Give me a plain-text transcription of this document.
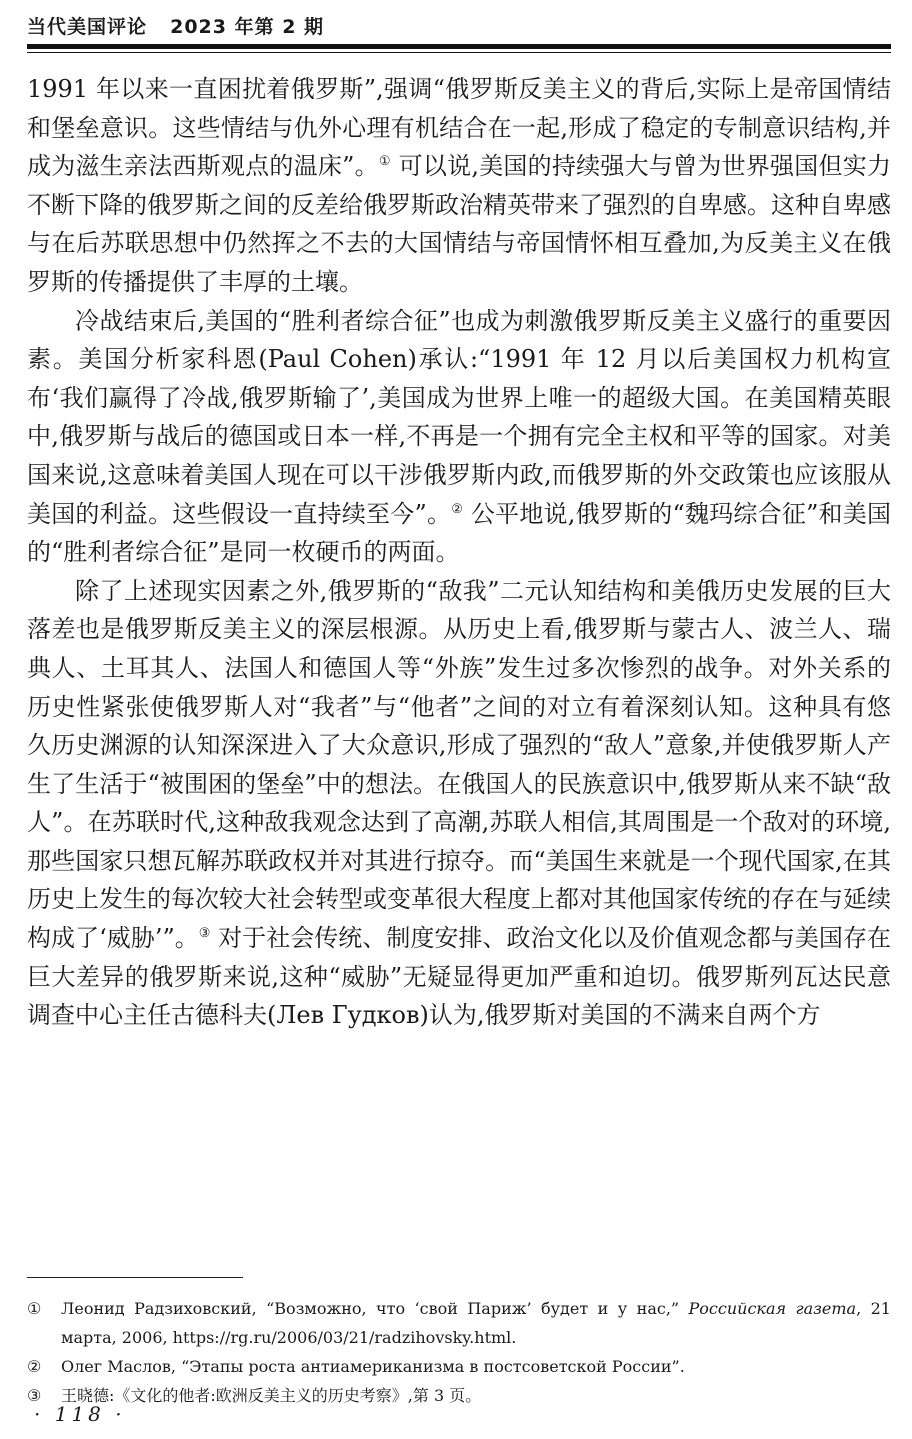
当代美国评论 2023 年第 2 期

1991 年以来一直困扰着俄罗斯”,强调“俄罗斯反美主义的背后,实际上是帝国情结和堡垒意识。这些情结与仇外心理有机结合在一起,形成了稳定的专制意识结构,并成为滋生亲法西斯观点的温床”。① 可以说,美国的持续强大与曾为世界强国但实力不断下降的俄罗斯之间的反差给俄罗斯政治精英带来了强烈的自卑感。这种自卑感与在后苏联思想中仍然挥之不去的大国情结与帝国情怀相互叠加,为反美主义在俄罗斯的传播提供了丰厚的土壤。

冷战结束后,美国的“胜利者综合征”也成为刺激俄罗斯反美主义盛行的重要因素。美国分析家科恩(Paul Cohen)承认:“1991 年 12 月以后美国权力机构宣布‘我们赢得了冷战,俄罗斯输了’,美国成为世界上唯一的超级大国。在美国精英眼中,俄罗斯与战后的德国或日本一样,不再是一个拥有完全主权和平等的国家。对美国来说,这意味着美国人现在可以干涉俄罗斯内政,而俄罗斯的外交政策也应该服从美国的利益。这些假设一直持续至今”。② 公平地说,俄罗斯的“魏玛综合征”和美国的“胜利者综合征”是同一枚硬币的两面。

除了上述现实因素之外,俄罗斯的“敌我”二元认知结构和美俄历史发展的巨大落差也是俄罗斯反美主义的深层根源。从历史上看,俄罗斯与蒙古人、波兰人、瑞典人、土耳其人、法国人和德国人等“外族”发生过多次惨烈的战争。对外关系的历史性紧张使俄罗斯人对“我者”与“他者”之间的对立有着深刻认知。这种具有悠久历史渊源的认知深深进入了大众意识,形成了强烈的“敌人”意象,并使俄罗斯人产生了生活于“被围困的堡垒”中的想法。在俄国人的民族意识中,俄罗斯从来不缺“敌人”。在苏联时代,这种敌我观念达到了高潮,苏联人相信,其周围是一个敌对的环境,那些国家只想瓦解苏联政权并对其进行掠夺。而“美国生来就是一个现代国家,在其历史上发生的每次较大社会转型或变革很大程度上都对其他国家传统的存在与延续构成了‘威胁’”。③ 对于社会传统、制度安排、政治文化以及价值观念都与美国存在巨大差异的俄罗斯来说,这种“威胁”无疑显得更加严重和迫切。俄罗斯列瓦达民意调查中心主任古德科夫(Лев Гудков)认为,俄罗斯对美国的不满来自两个方

①	Леонид Радзиховский, “Возможно, что ‘свой Париж’ будет и у нас,” Российская газета, 21 марта, 2006, https://rg.ru/2006/03/21/radzihovsky.html.
②	Олег Маслов, “Этапы роста антиамериканизма в постсоветской России”.
③	王晓德:《文化的他者:欧洲反美主义的历史考察》,第 3 页。
· 118 ·
